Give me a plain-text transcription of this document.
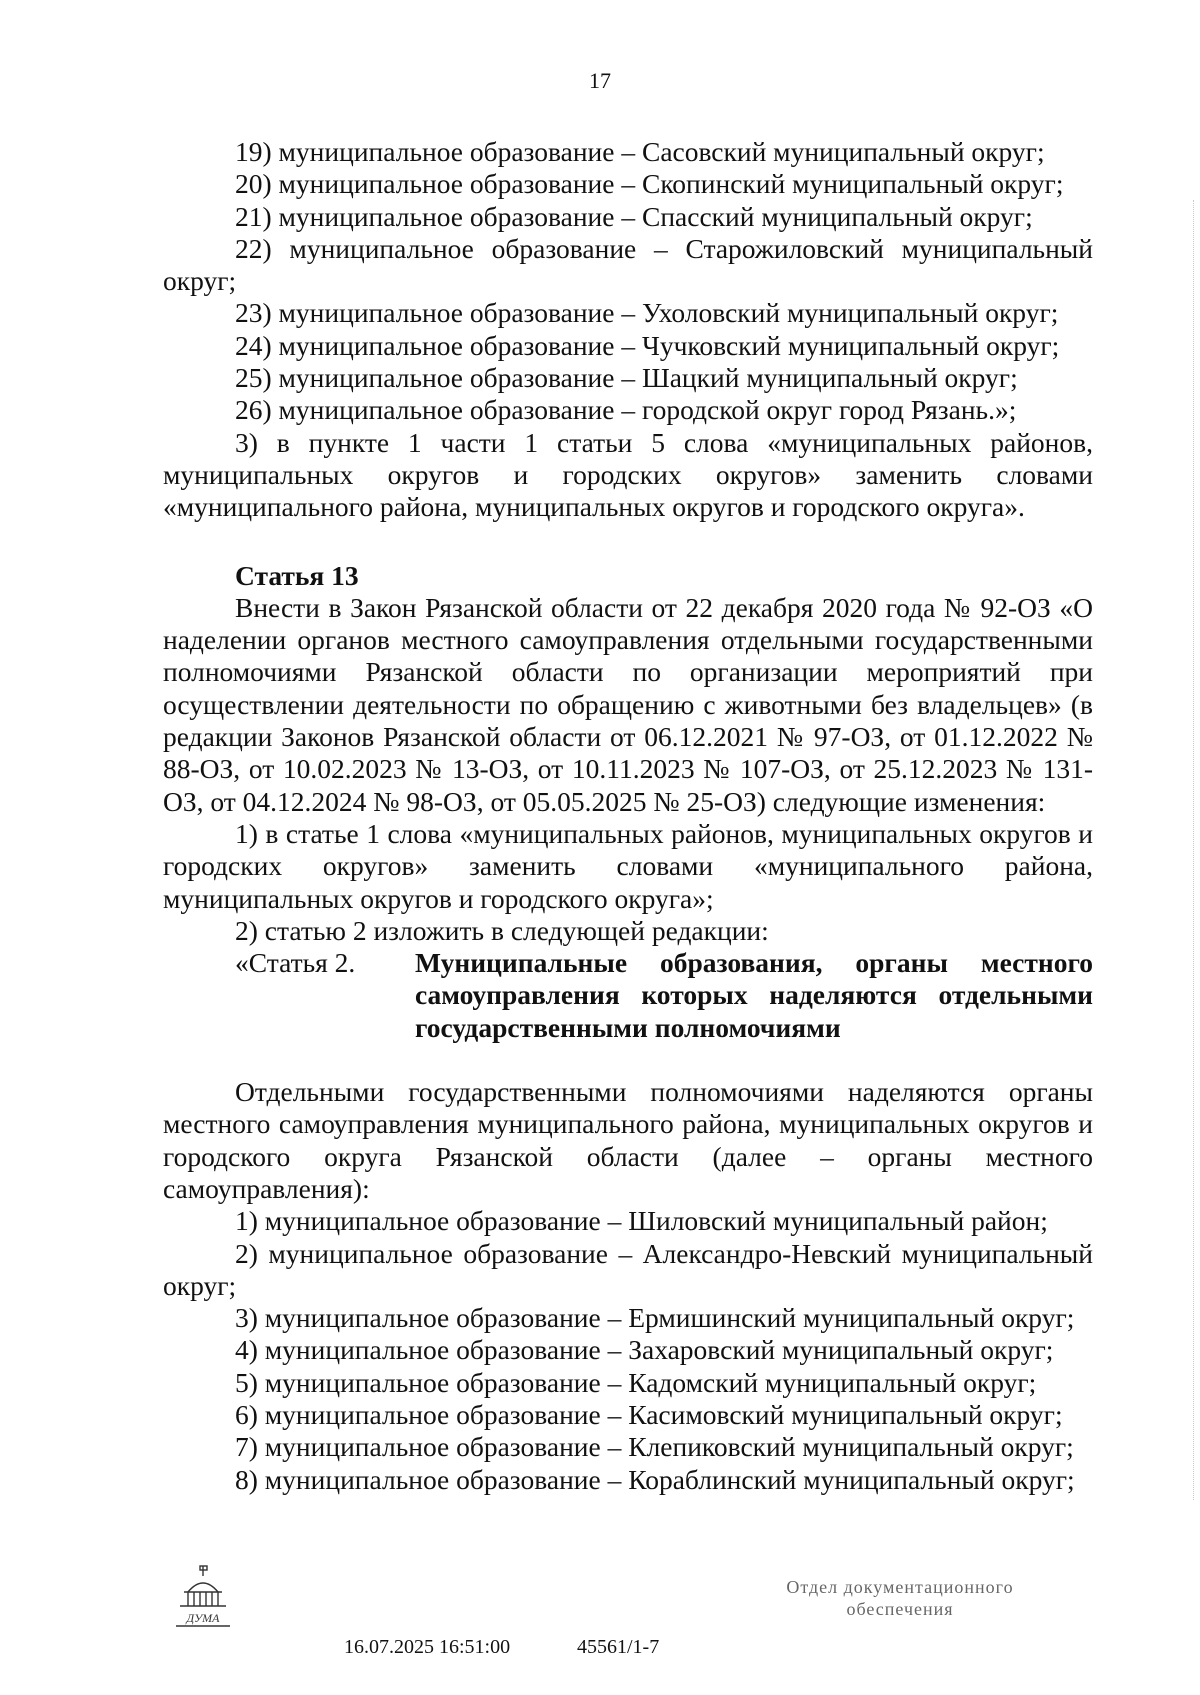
17

19) муниципальное образование – Сасовский муниципальный округ;

20) муниципальное образование – Скопинский муниципальный округ;

21) муниципальное образование – Спасский муниципальный округ;

22) муниципальное образование – Старожиловский муниципальный округ;

23) муниципальное образование – Ухоловский муниципальный округ;

24) муниципальное образование – Чучковский муниципальный округ;

25) муниципальное образование – Шацкий муниципальный округ;

26) муниципальное образование – городской округ город Рязань.»;

3) в пункте 1 части 1 статьи 5 слова «муниципальных районов, муниципальных округов и городских округов» заменить словами «муниципального района, муниципальных округов и городского округа».

Статья 13

Внести в Закон Рязанской области от 22 декабря 2020 года № 92-ОЗ «О наделении органов местного самоуправления отдельными государственными полномочиями Рязанской области по организации мероприятий при осуществлении деятельности по обращению с животными без владельцев» (в редакции Законов Рязанской области от 06.12.2021 № 97-ОЗ, от 01.12.2022 № 88-ОЗ, от 10.02.2023 № 13-ОЗ, от 10.11.2023 № 107-ОЗ, от 25.12.2023 № 131-ОЗ, от 04.12.2024 № 98-ОЗ, от 05.05.2025 № 25-ОЗ) следующие изменения:

1) в статье 1 слова «муниципальных районов, муниципальных округов и городских округов» заменить словами «муниципального района, муниципальных округов и городского округа»;

2) статью 2 изложить в следующей редакции:

«Статья 2.	Муниципальные образования, органы местного самоуправления которых наделяются отдельными государственными полномочиями

Отдельными государственными полномочиями наделяются органы местного самоуправления муниципального района, муниципальных округов и городского округа Рязанской области (далее – органы местного самоуправления):

1) муниципальное образование – Шиловский муниципальный район;

2) муниципальное образование – Александро-Невский муниципальный округ;

3) муниципальное образование – Ермишинский муниципальный округ;

4) муниципальное образование – Захаровский муниципальный округ;

5) муниципальное образование – Кадомский муниципальный округ;

6) муниципальное образование – Касимовский муниципальный округ;

7) муниципальное образование – Клепиковский муниципальный округ;

8) муниципальное образование – Кораблинский муниципальный округ;

ДУМА
16.07.2025 16:51:00	45561/1-7
Отдел документационного
обеспечения
